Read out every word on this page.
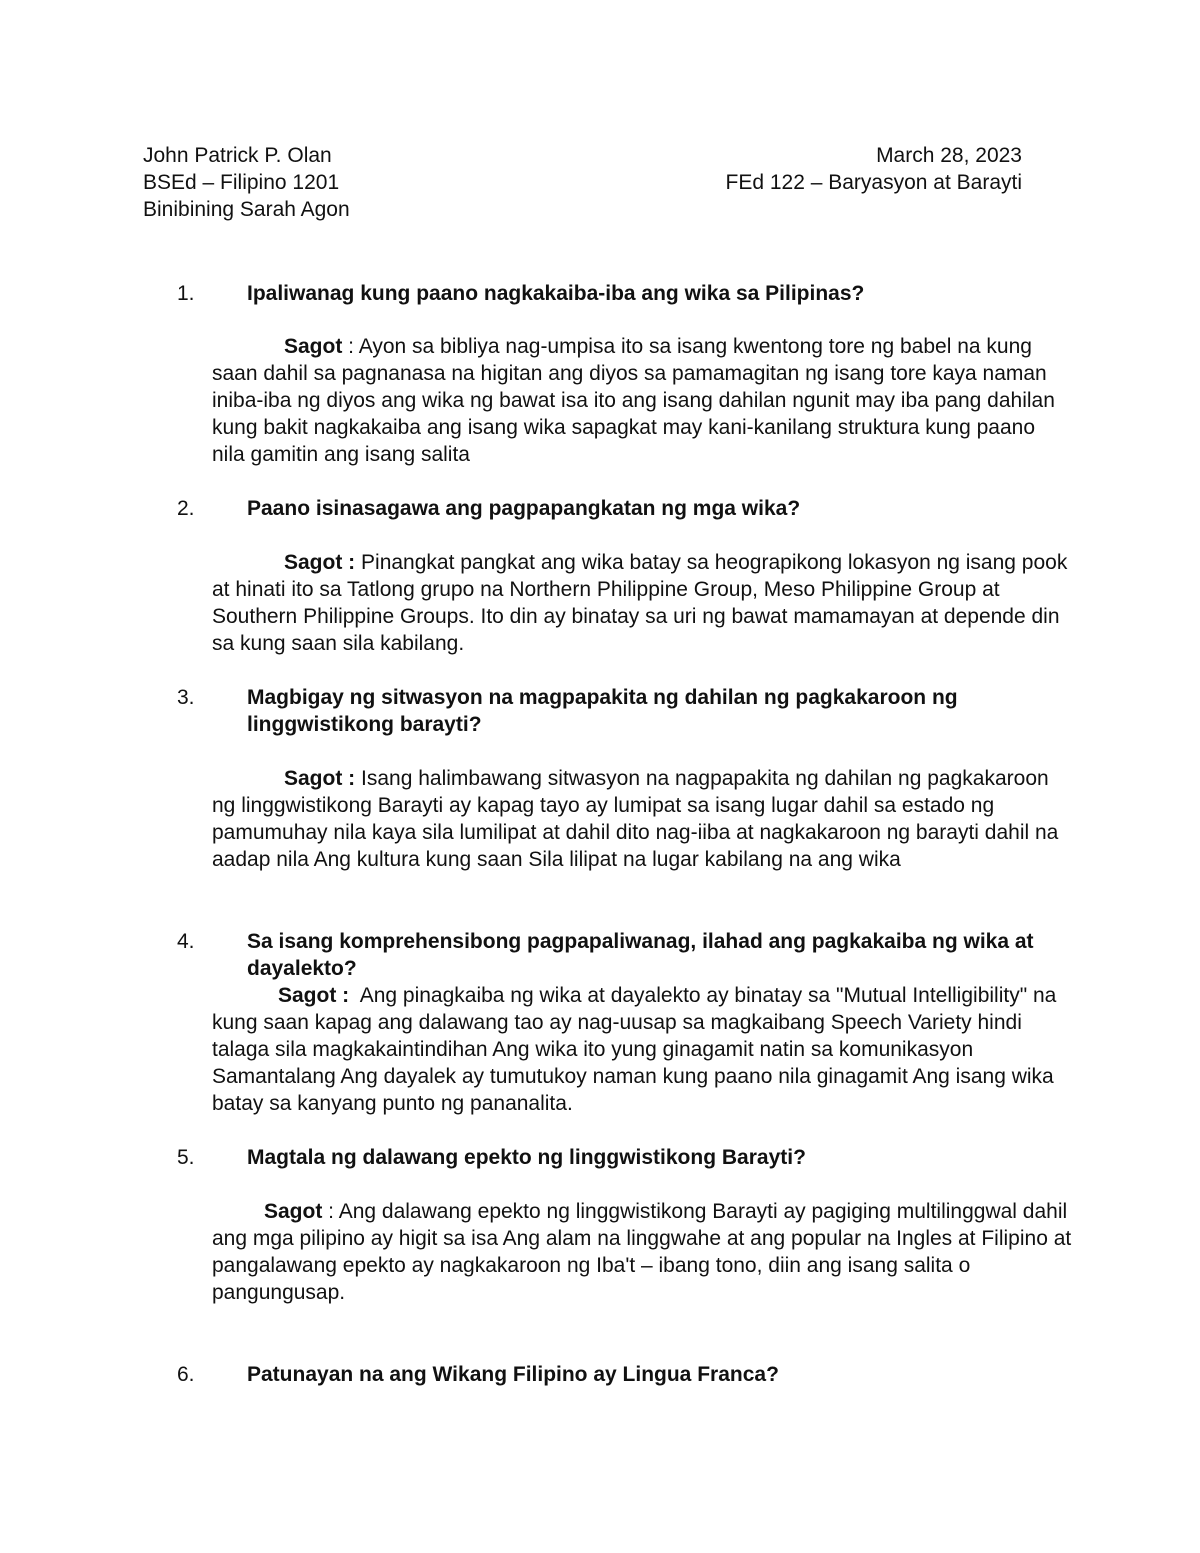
John Patrick P. Olan
BSEd – Filipino 1201
Binibining Sarah Agon
March 28, 2023
FEd 122 – Baryasyon at Barayti
1. Ipaliwanag kung paano nagkakaiba-iba ang wika sa Pilipinas?
Sagot : Ayon sa bibliya nag-umpisa ito sa isang kwentong tore ng babel na kung saan dahil sa pagnanasa na higitan ang diyos sa pamamagitan ng isang tore kaya naman iniba-iba ng diyos ang wika ng bawat isa ito ang isang dahilan ngunit may iba pang dahilan kung bakit nagkakaiba ang isang wika sapagkat may kani-kanilang struktura kung paano nila gamitin ang isang salita
2. Paano isinasagawa ang pagpapangkatan ng mga wika?
Sagot : Pinangkat pangkat ang wika batay sa heograpikong lokasyon ng isang pook at hinati ito sa Tatlong grupo na Northern Philippine Group, Meso Philippine Group at Southern Philippine Groups. Ito din ay binatay sa uri ng bawat mamamayan at depende din sa kung saan sila kabilang.
3. Magbigay ng sitwasyon na magpapakita ng dahilan ng pagkakaroon ng linggwistikong barayti?
Sagot : Isang halimbawang sitwasyon na nagpapakita ng dahilan ng pagkakaroon ng linggwistikong Barayti ay kapag tayo ay lumipat sa isang lugar dahil sa estado ng pamumuhay nila kaya sila lumilipat at dahil dito nag-iiba at nagkakaroon ng barayti dahil na aadap nila Ang kultura kung saan Sila lilipat na lugar kabilang na ang wika
4. Sa isang komprehensibong pagpapaliwanag, ilahad ang pagkakaiba ng wika at dayalekto?
Sagot : Ang pinagkaiba ng wika at dayalekto ay binatay sa "Mutual Intelligibility" na kung saan kapag ang dalawang tao ay nag-uusap sa magkaibang Speech Variety hindi talaga sila magkakaintindihan Ang wika ito yung ginagamit natin sa komunikasyon Samantalang Ang dayalek ay tumutukoy naman kung paano nila ginagamit Ang isang wika batay sa kanyang punto ng pananalita.
5. Magtala ng dalawang epekto ng linggwistikong Barayti?
Sagot : Ang dalawang epekto ng linggwistikong Barayti ay pagiging multilinggwal dahil ang mga pilipino ay higit sa isa Ang alam na linggwahe at ang popular na Ingles at Filipino at pangalawang epekto ay nagkakaroon ng Iba't – ibang tono, diin ang isang salita o pangungusap.
6. Patunayan na ang Wikang Filipino ay Lingua Franca?
